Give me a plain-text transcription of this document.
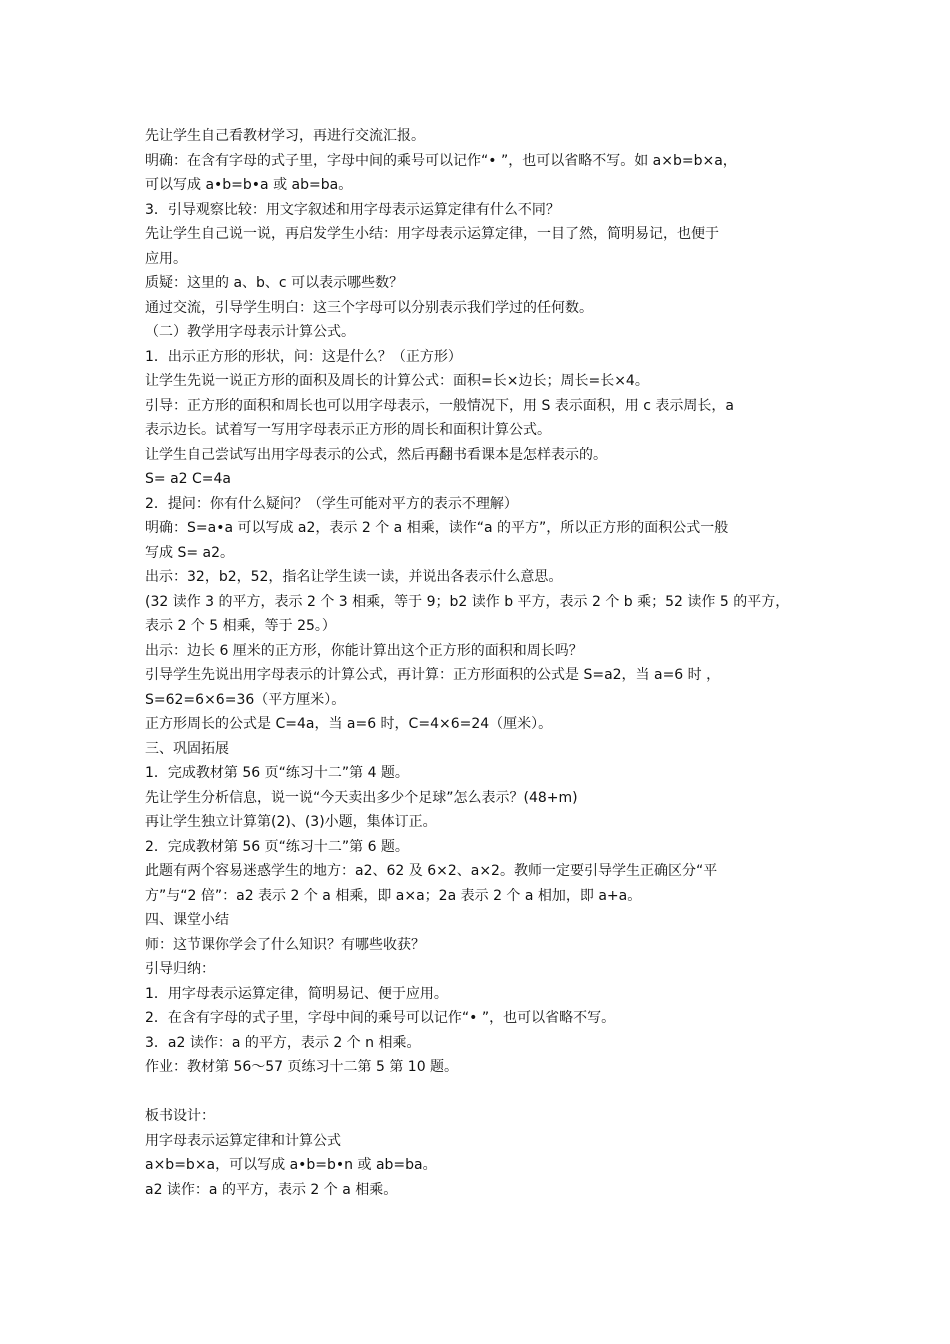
先让学生自己看教材学习，再进行交流汇报。
明确：在含有字母的式子里，字母中间的乘号可以记作“• ”，也可以省略不写。如 a×b=b×a，
可以写成 a•b=b•a 或 ab=ba。
3．引导观察比较：用文字叙述和用字母表示运算定律有什么不同？
先让学生自己说一说，再启发学生小结：用字母表示运算定律，一目了然，简明易记，也便于
应用。
质疑：这里的 a、b、c 可以表示哪些数？
通过交流，引导学生明白：这三个字母可以分别表示我们学过的任何数。
（二）教学用字母表示计算公式。
1．出示正方形的形状，问：这是什么？（正方形）
让学生先说一说正方形的面积及周长的计算公式：面积=长×边长；周长=长×4。
引导：正方形的面积和周长也可以用字母表示，一般情况下，用 S 表示面积，用 c 表示周长，a
表示边长。试着写一写用字母表示正方形的周长和面积计算公式。
让学生自己尝试写出用字母表示的公式，然后再翻书看课本是怎样表示的。
S= a2 C=4a
2．提问：你有什么疑问？（学生可能对平方的表示不理解）
明确：S=a•a 可以写成 a2，表示 2 个 a 相乘，读作“a 的平方”，所以正方形的面积公式一般
写成 S= a2。
出示：32，b2，52，指名让学生读一读，并说出各表示什么意思。
(32 读作 3 的平方，表示 2 个 3 相乘，等于 9；b2 读作 b 平方，表示 2 个 b 乘；52 读作 5 的平方，
表示 2 个 5 相乘，等于 25。）
出示：边长 6 厘米的正方形，你能计算出这个正方形的面积和周长吗？
引导学生先说出用字母表示的计算公式，再计算：正方形面积的公式是 S=a2，当 a=6 时 ，
S=62=6×6=36（平方厘米）。
正方形周长的公式是 C=4a，当 a=6 时，C=4×6=24（厘米）。
三、巩固拓展
1．完成教材第 56 页“练习十二”第 4 题。
先让学生分析信息，说一说“今天卖出多少个足球”怎么表示？(48+m)
再让学生独立计算第(2)、(3)小题，集体订正。
2．完成教材第 56 页“练习十二”第 6 题。
此题有两个容易迷惑学生的地方：a2、62 及 6×2、a×2。教师一定要引导学生正确区分“平
方”与“2 倍”：a2 表示 2 个 a 相乘，即 a×a；2a 表示 2 个 a 相加，即 a+a。
四、课堂小结
师：这节课你学会了什么知识？有哪些收获？
引导归纳：
1．用字母表示运算定律，简明易记、便于应用。
2．在含有字母的式子里，字母中间的乘号可以记作“• ”，也可以省略不写。
3．a2 读作：a 的平方，表示 2 个 n 相乘。
作业：教材第 56～57 页练习十二第 5 第 10 题。
板书设计：
用字母表示运算定律和计算公式
a×b=b×a，可以写成 a•b=b•n 或 ab=ba。
a2 读作：a 的平方，表示 2 个 a 相乘。
